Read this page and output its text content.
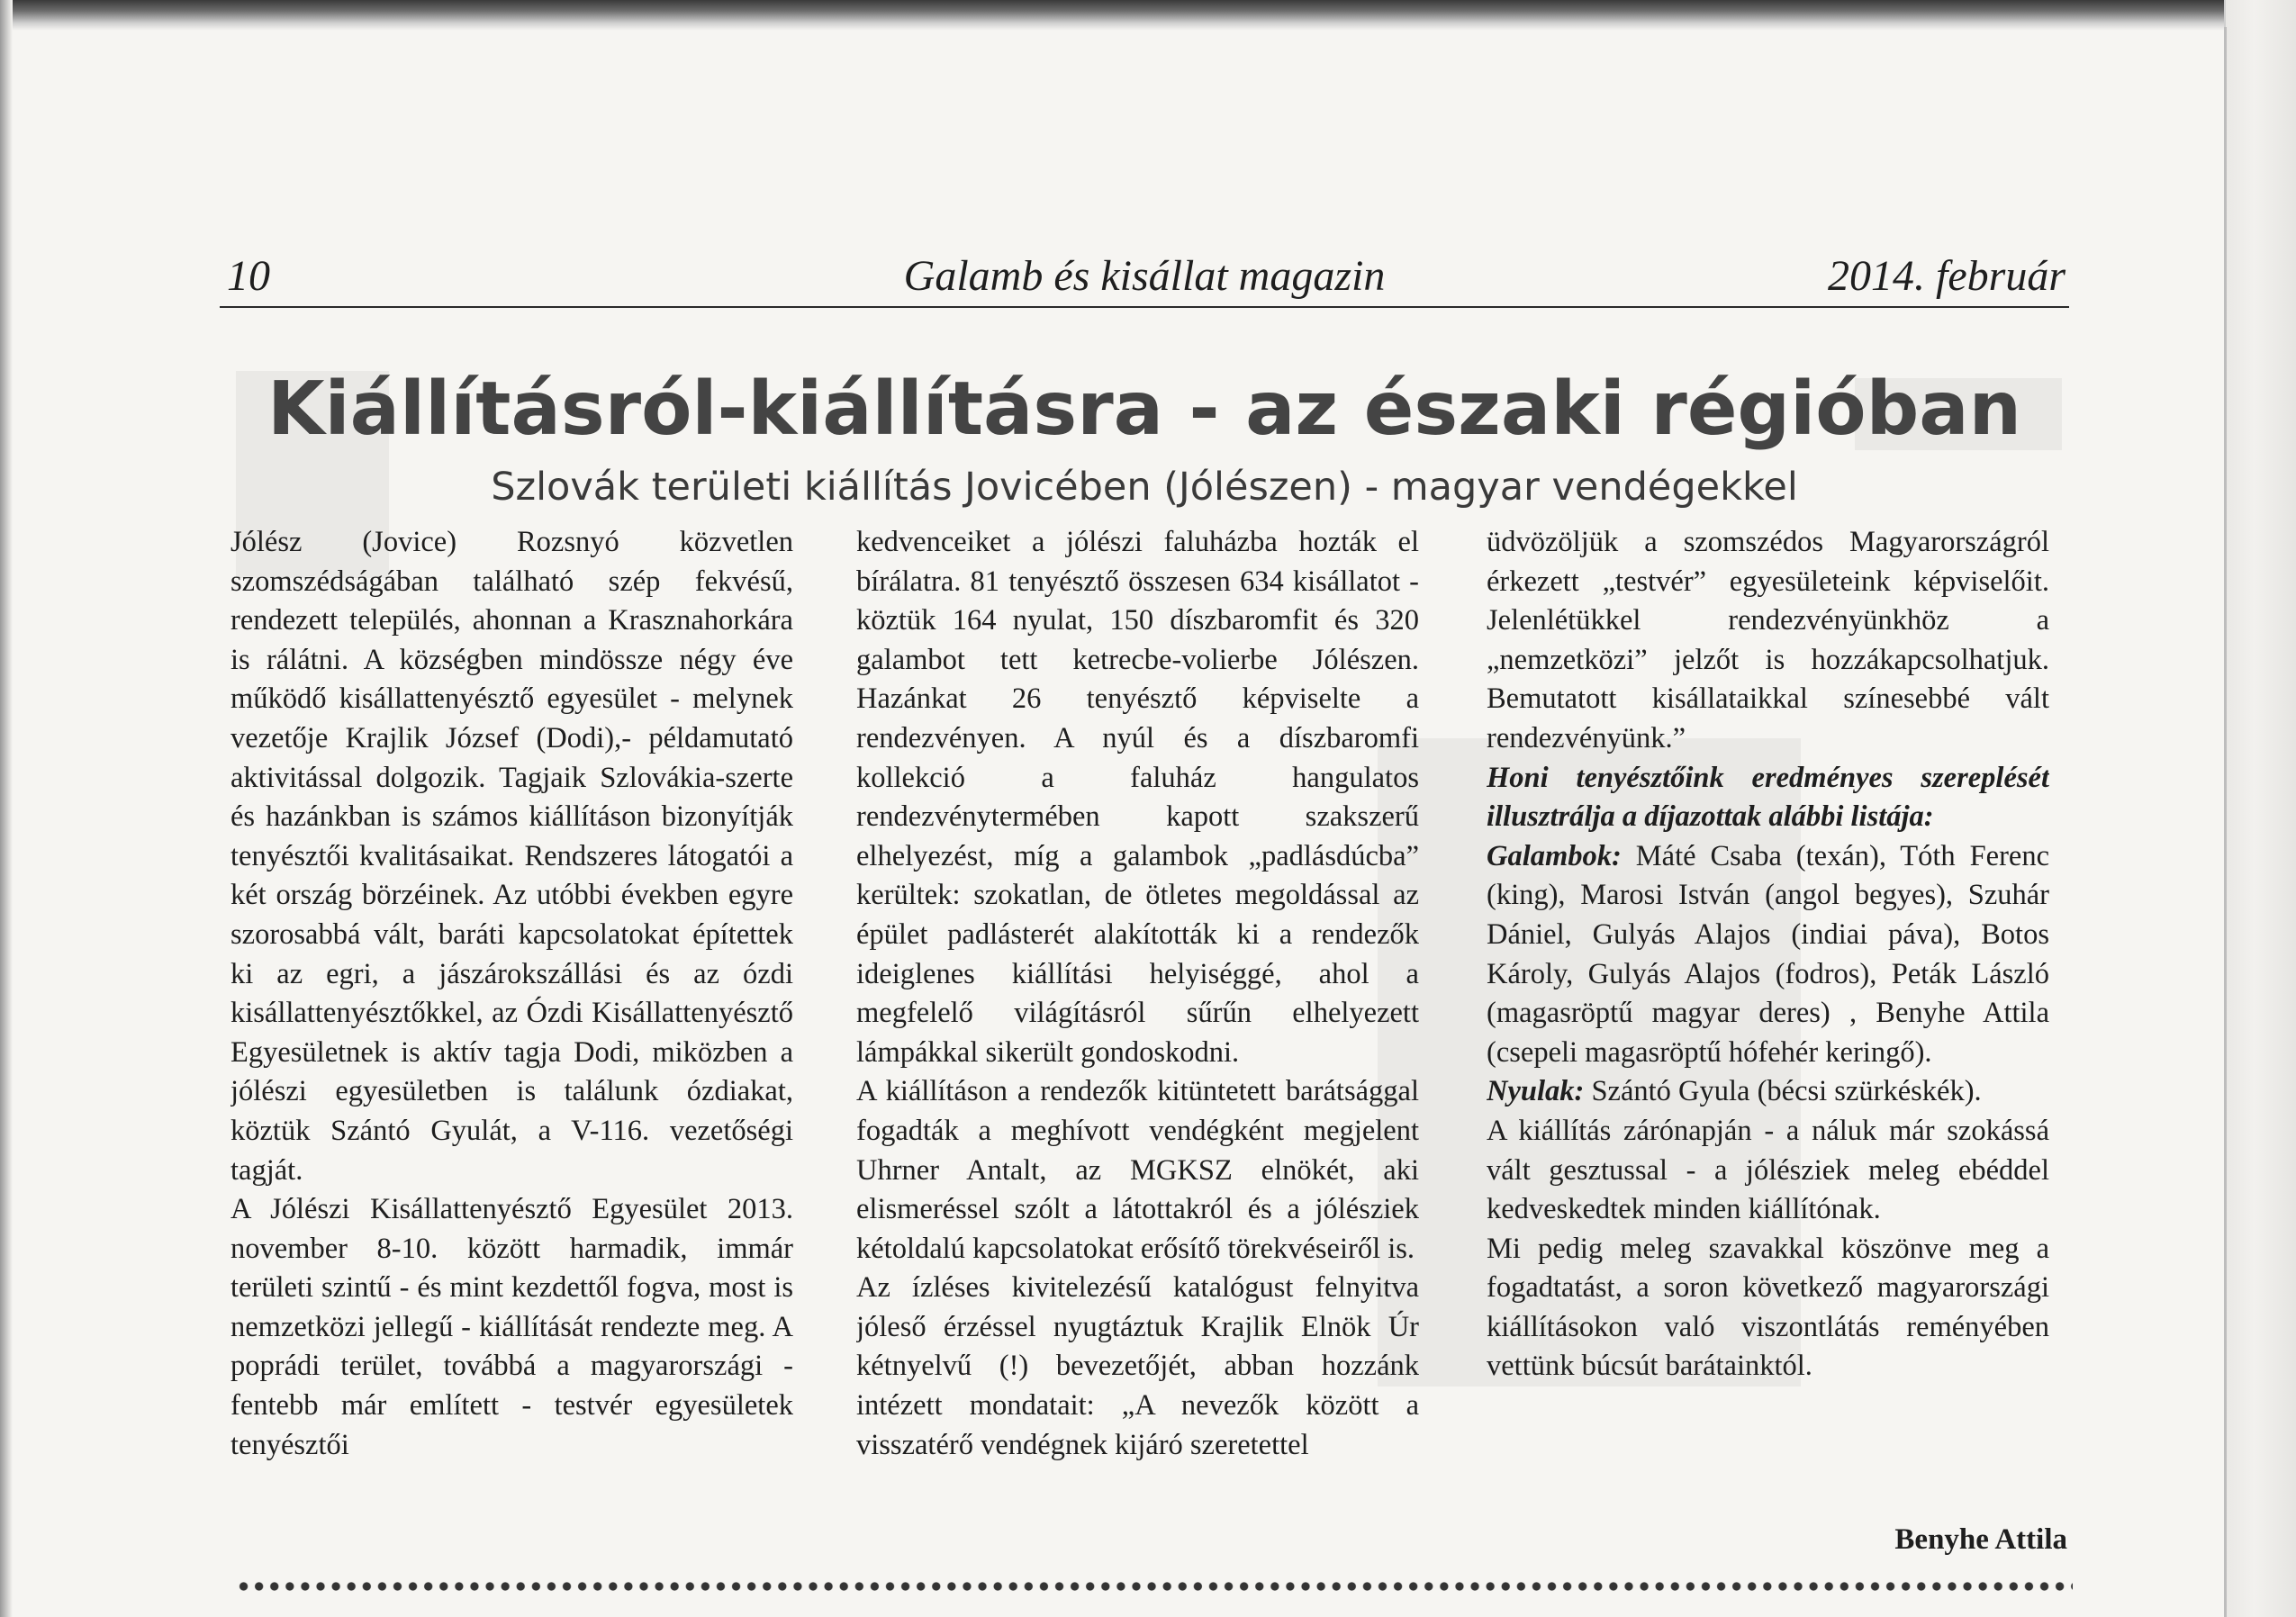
10	Galamb és kisállat magazin	2014. február
Kiállításról-kiállításra - az északi régióban
Szlovák területi kiállítás Jovicében (Jólészen) - magyar vendégekkel

Jólész (Jovice) Rozsnyó közvetlen szomszédságában található szép fekvésű, rendezett település, ahonnan a Krasznahorkára is rálátni. A községben mindössze négy éve működő kisállattenyésztő egyesület - melynek vezetője Krajlik József (Dodi),- példamutató aktivitással dolgozik. Tagjaik Szlovákia-szerte és hazánkban is számos kiállításon bizonyítják tenyésztői kvalitásaikat. Rendszeres látogatói a két ország börzéinek. Az utóbbi években egyre szorosabbá vált, baráti kapcsolatokat építettek ki az egri, a jászárokszállási és az ózdi kisállattenyésztőkkel, az Ózdi Kisállattenyésztő Egyesületnek is aktív tagja Dodi, miközben a jólészi egyesületben is találunk ózdiakat, köztük Szántó Gyulát, a V-116. vezetőségi tagját.

A Jólészi Kisállattenyésztő Egyesület 2013. november 8-10. között harmadik, immár területi szintű - és mint kezdettől fogva, most is nemzetközi jellegű - kiállítását rendezte meg. A poprádi terület, továbbá a magyarországi - fentebb már említett - testvér egyesületek tenyésztői

kedvenceiket a jólészi faluházba hozták el bírálatra. 81 tenyésztő összesen 634 kisállatot - köztük 164 nyulat, 150 díszbaromfit és 320 galambot tett ketrecbe-volierbe Jólészen. Hazánkat 26 tenyésztő képviselte a rendezvényen. A nyúl és a díszbaromfi kollekció a faluház hangulatos rendezvénytermében kapott szakszerű elhelyezést, míg a galambok „padlásdúcba” kerültek: szokatlan, de ötletes megoldással az épület padlásterét alakították ki a rendezők ideiglenes kiállítási helyiséggé, ahol a megfelelő világításról sűrűn elhelyezett lámpákkal sikerült gondoskodni.

A kiállításon a rendezők kitüntetett barátsággal fogadták a meghívott vendégként megjelent Uhrner Antalt, az MGKSZ elnökét, aki elismeréssel szólt a látottakról és a jólésziek kétoldalú kapcsolatokat erősítő törekvéseiről is.

Az ízléses kivitelezésű katalógust felnyitva jóleső érzéssel nyugtáztuk Krajlik Elnök Úr kétnyelvű (!) bevezetőjét, abban hozzánk intézett mondatait: „A nevezők között a visszatérő vendégnek kijáró szeretettel

üdvözöljük a szomszédos Magyarországról érkezett „testvér” egyesületeink képviselőit. Jelenlétükkel rendezvényünkhöz a „nemzetközi” jelzőt is hozzákapcsolhatjuk. Bemutatott kisállataikkal színesebbé vált rendezvényünk.”

Honi tenyésztőink eredményes szereplését illusztrálja a díjazottak alábbi listája:

Galambok: Máté Csaba (texán), Tóth Ferenc (king), Marosi István (angol begyes), Szuhár Dániel, Gulyás Alajos (indiai páva), Botos Károly, Gulyás Alajos (fodros), Peták László (magasröptű magyar deres) , Benyhe Attila (csepeli magasröptű hófehér keringő).

Nyulak: Szántó Gyula (bécsi szürkéskék).

A kiállítás zárónapján - a náluk már szokássá vált gesztussal - a jólésziek meleg ebéddel kedveskedtek minden kiállítónak.

Mi pedig meleg szavakkal köszönve meg a fogadtatást, a soron következő magyarországi kiállításokon való viszontlátás reményében vettünk búcsút barátainktól.

Benyhe Attila
